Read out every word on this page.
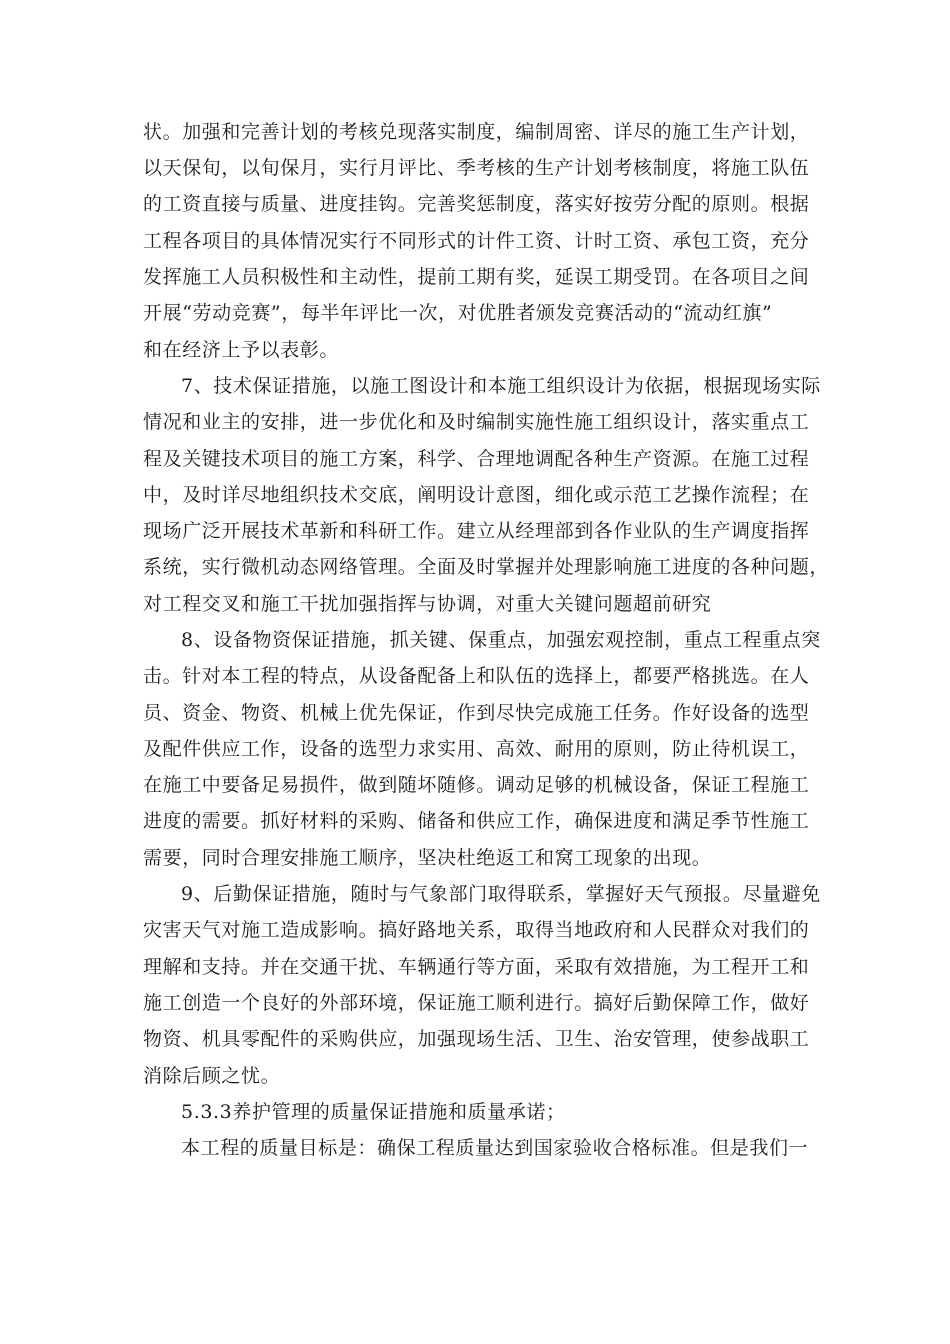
状。加强和完善计划的考核兑现落实制度，编制周密、详尽的施工生产计划，
以天保旬，以旬保月，实行月评比、季考核的生产计划考核制度，将施工队伍
的工资直接与质量、进度挂钩。完善奖惩制度，落实好按劳分配的原则。根据
工程各项目的具体情况实行不同形式的计件工资、计时工资、承包工资，充分
发挥施工人员积极性和主动性，提前工期有奖，延误工期受罚。在各项目之间
开展“劳动竞赛”，每半年评比一次，对优胜者颁发竞赛活动的“流动红旗”
和在经济上予以表彰。
7、技术保证措施，以施工图设计和本施工组织设计为依据，根据现场实际
情况和业主的安排，进一步优化和及时编制实施性施工组织设计，落实重点工
程及关键技术项目的施工方案，科学、合理地调配各种生产资源。在施工过程
中，及时详尽地组织技术交底，阐明设计意图，细化或示范工艺操作流程；在
现场广泛开展技术革新和科研工作。建立从经理部到各作业队的生产调度指挥
系统，实行微机动态网络管理。全面及时掌握并处理影响施工进度的各种问题，
对工程交叉和施工干扰加强指挥与协调，对重大关键问题超前研究
8、设备物资保证措施，抓关键、保重点，加强宏观控制，重点工程重点突
击。针对本工程的特点，从设备配备上和队伍的选择上，都要严格挑选。在人
员、资金、物资、机械上优先保证，作到尽快完成施工任务。作好设备的选型
及配件供应工作，设备的选型力求实用、高效、耐用的原则，防止待机误工，
在施工中要备足易损件，做到随坏随修。调动足够的机械设备，保证工程施工
进度的需要。抓好材料的采购、储备和供应工作，确保进度和满足季节性施工
需要，同时合理安排施工顺序，坚决杜绝返工和窝工现象的出现。
9、后勤保证措施，随时与气象部门取得联系，掌握好天气预报。尽量避免
灾害天气对施工造成影响。搞好路地关系，取得当地政府和人民群众对我们的
理解和支持。并在交通干扰、车辆通行等方面，采取有效措施，为工程开工和
施工创造一个良好的外部环境，保证施工顺利进行。搞好后勤保障工作，做好
物资、机具零配件的采购供应，加强现场生活、卫生、治安管理，使参战职工
消除后顾之忧。
5.3.3养护管理的质量保证措施和质量承诺；
本工程的质量目标是：确保工程质量达到国家验收合格标准。但是我们一
